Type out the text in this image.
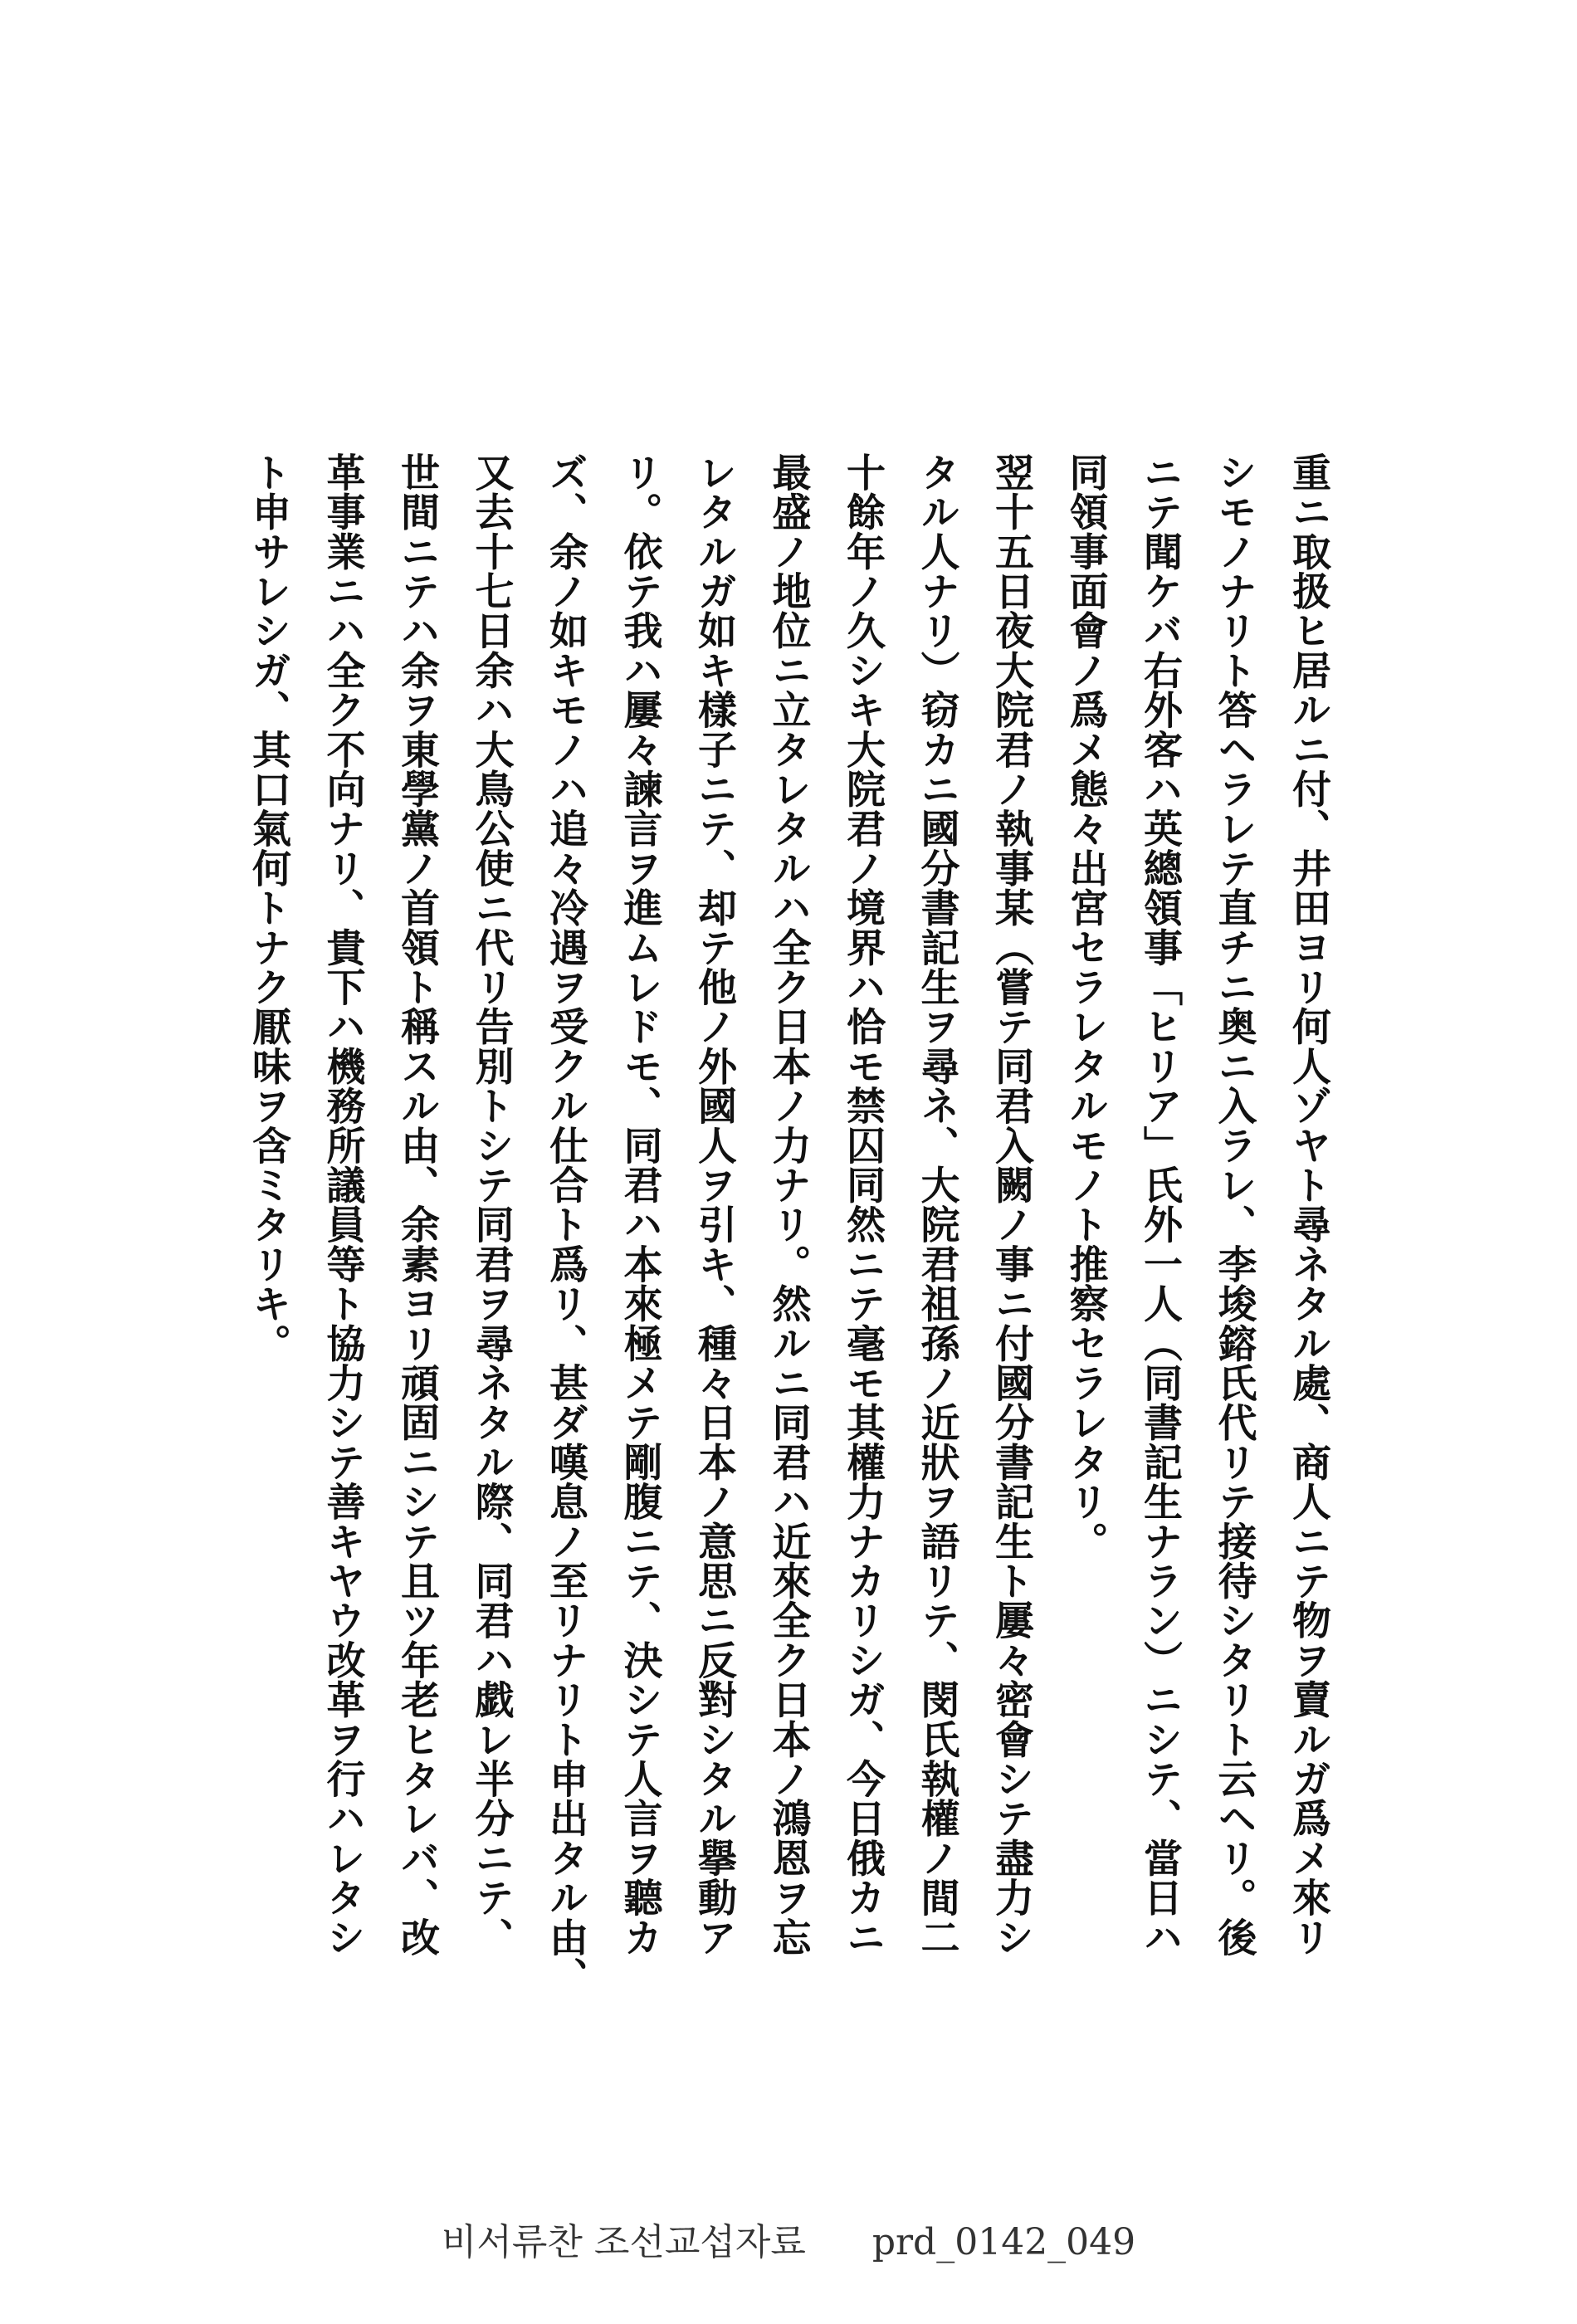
重ニ取扱ヒ居ルニ付、井田ヨリ何人ゾヤト尋ネタル處、商人ニテ物ヲ賣ルガ爲メ來リ
シモノナリト答ヘラレテ直チニ奥ニ入ラレ、李埈鎔氏代リテ接待シタリト云ヘリ。後
ニテ聞ケバ右外客ハ英總領事「ヒリア」氏外一人（同書記生ナラン）ニシテ、當日ハ
同領事面會ノ爲メ態々出宮セラレタルモノト推察セラレタリ。
翌十五日夜大院君ノ執事某（嘗テ同君入闕ノ事ニ付國分書記生ト屢々密會シテ盡力シ
タル人ナリ）窃カニ國分書記生ヲ尋ネ、大院君祖孫ノ近狀ヲ語リテ、閔氏執權ノ間二
十餘年ノ久シキ大院君ノ境界ハ恰モ禁囚同然ニテ毫モ其權力ナカリシガ、今日俄カニ
最盛ノ地位ニ立タレタルハ全ク日本ノ力ナリ。然ルニ同君ハ近來全ク日本ノ鴻恩ヲ忘
レタルガ如キ樣子ニテ、却テ他ノ外國人ヲ引キ、種々日本ノ意思ニ反對シタル擧動ア
リ。依テ我ハ屢々諫言ヲ進ムレドモ、同君ハ本來極メテ剛腹ニテ、決シテ人言ヲ聽カ
ズ、余ノ如キモノハ追々冷遇ヲ受クル仕合ト爲リ、甚ダ嘆息ノ至リナリト申出タル由、
又去十七日余ハ大鳥公使ニ代リ告別トシテ同君ヲ尋ネタル際、同君ハ戯レ半分ニテ、
世間ニテハ余ヲ東學黨ノ首領ト稱スル由、余素ヨリ頑固ニシテ且ツ年老ヒタレバ、改
革事業ニハ全ク不向ナリ、貴下ハ機務所議員等ト協力シテ善キヤウ改革ヲ行ハレタシ
ト申サレシガ、其口氣何トナク厭味ヲ含ミタリキ。
비서류찬 조선교섭자료 prd_0142_049
